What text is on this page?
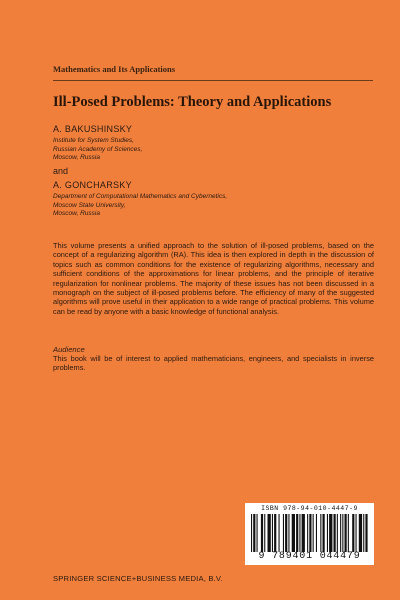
Mathematics and Its Applications
Ill-Posed Problems: Theory and Applications
A. BAKUSHINSKY
Institute for System Studies,
Russian Academy of Sciences,
Moscow, Russia
and
A. GONCHARSKY
Department of Computational Mathematics and Cybernetics,
Moscow State University,
Moscow, Russia
This volume presents a unified approach to the solution of ill-posed problems, based on the concept of a regularizing algorithm (RA). This idea is then explored in depth in the discussion of topics such as common conditions for the existence of regularizing algorithms, necessary and sufficient conditions of the approximations for linear problems, and the principle of iterative regularization for nonlinear problems. The majority of these issues has not been discussed in a monograph on the subject of ill-posed problems before. The efficiency of many of the suggested algorithms will prove useful in their application to a wide range of practical problems. This volume can be read by anyone with a basic knowledge of functional analysis.
Audience
This book will be of interest to applied mathematicians, engineers, and specialists in inverse problems.
ISBN 978-94-010-4447-9
9 789401 044479
SPRINGER SCIENCE+BUSINESS MEDIA, B.V.
